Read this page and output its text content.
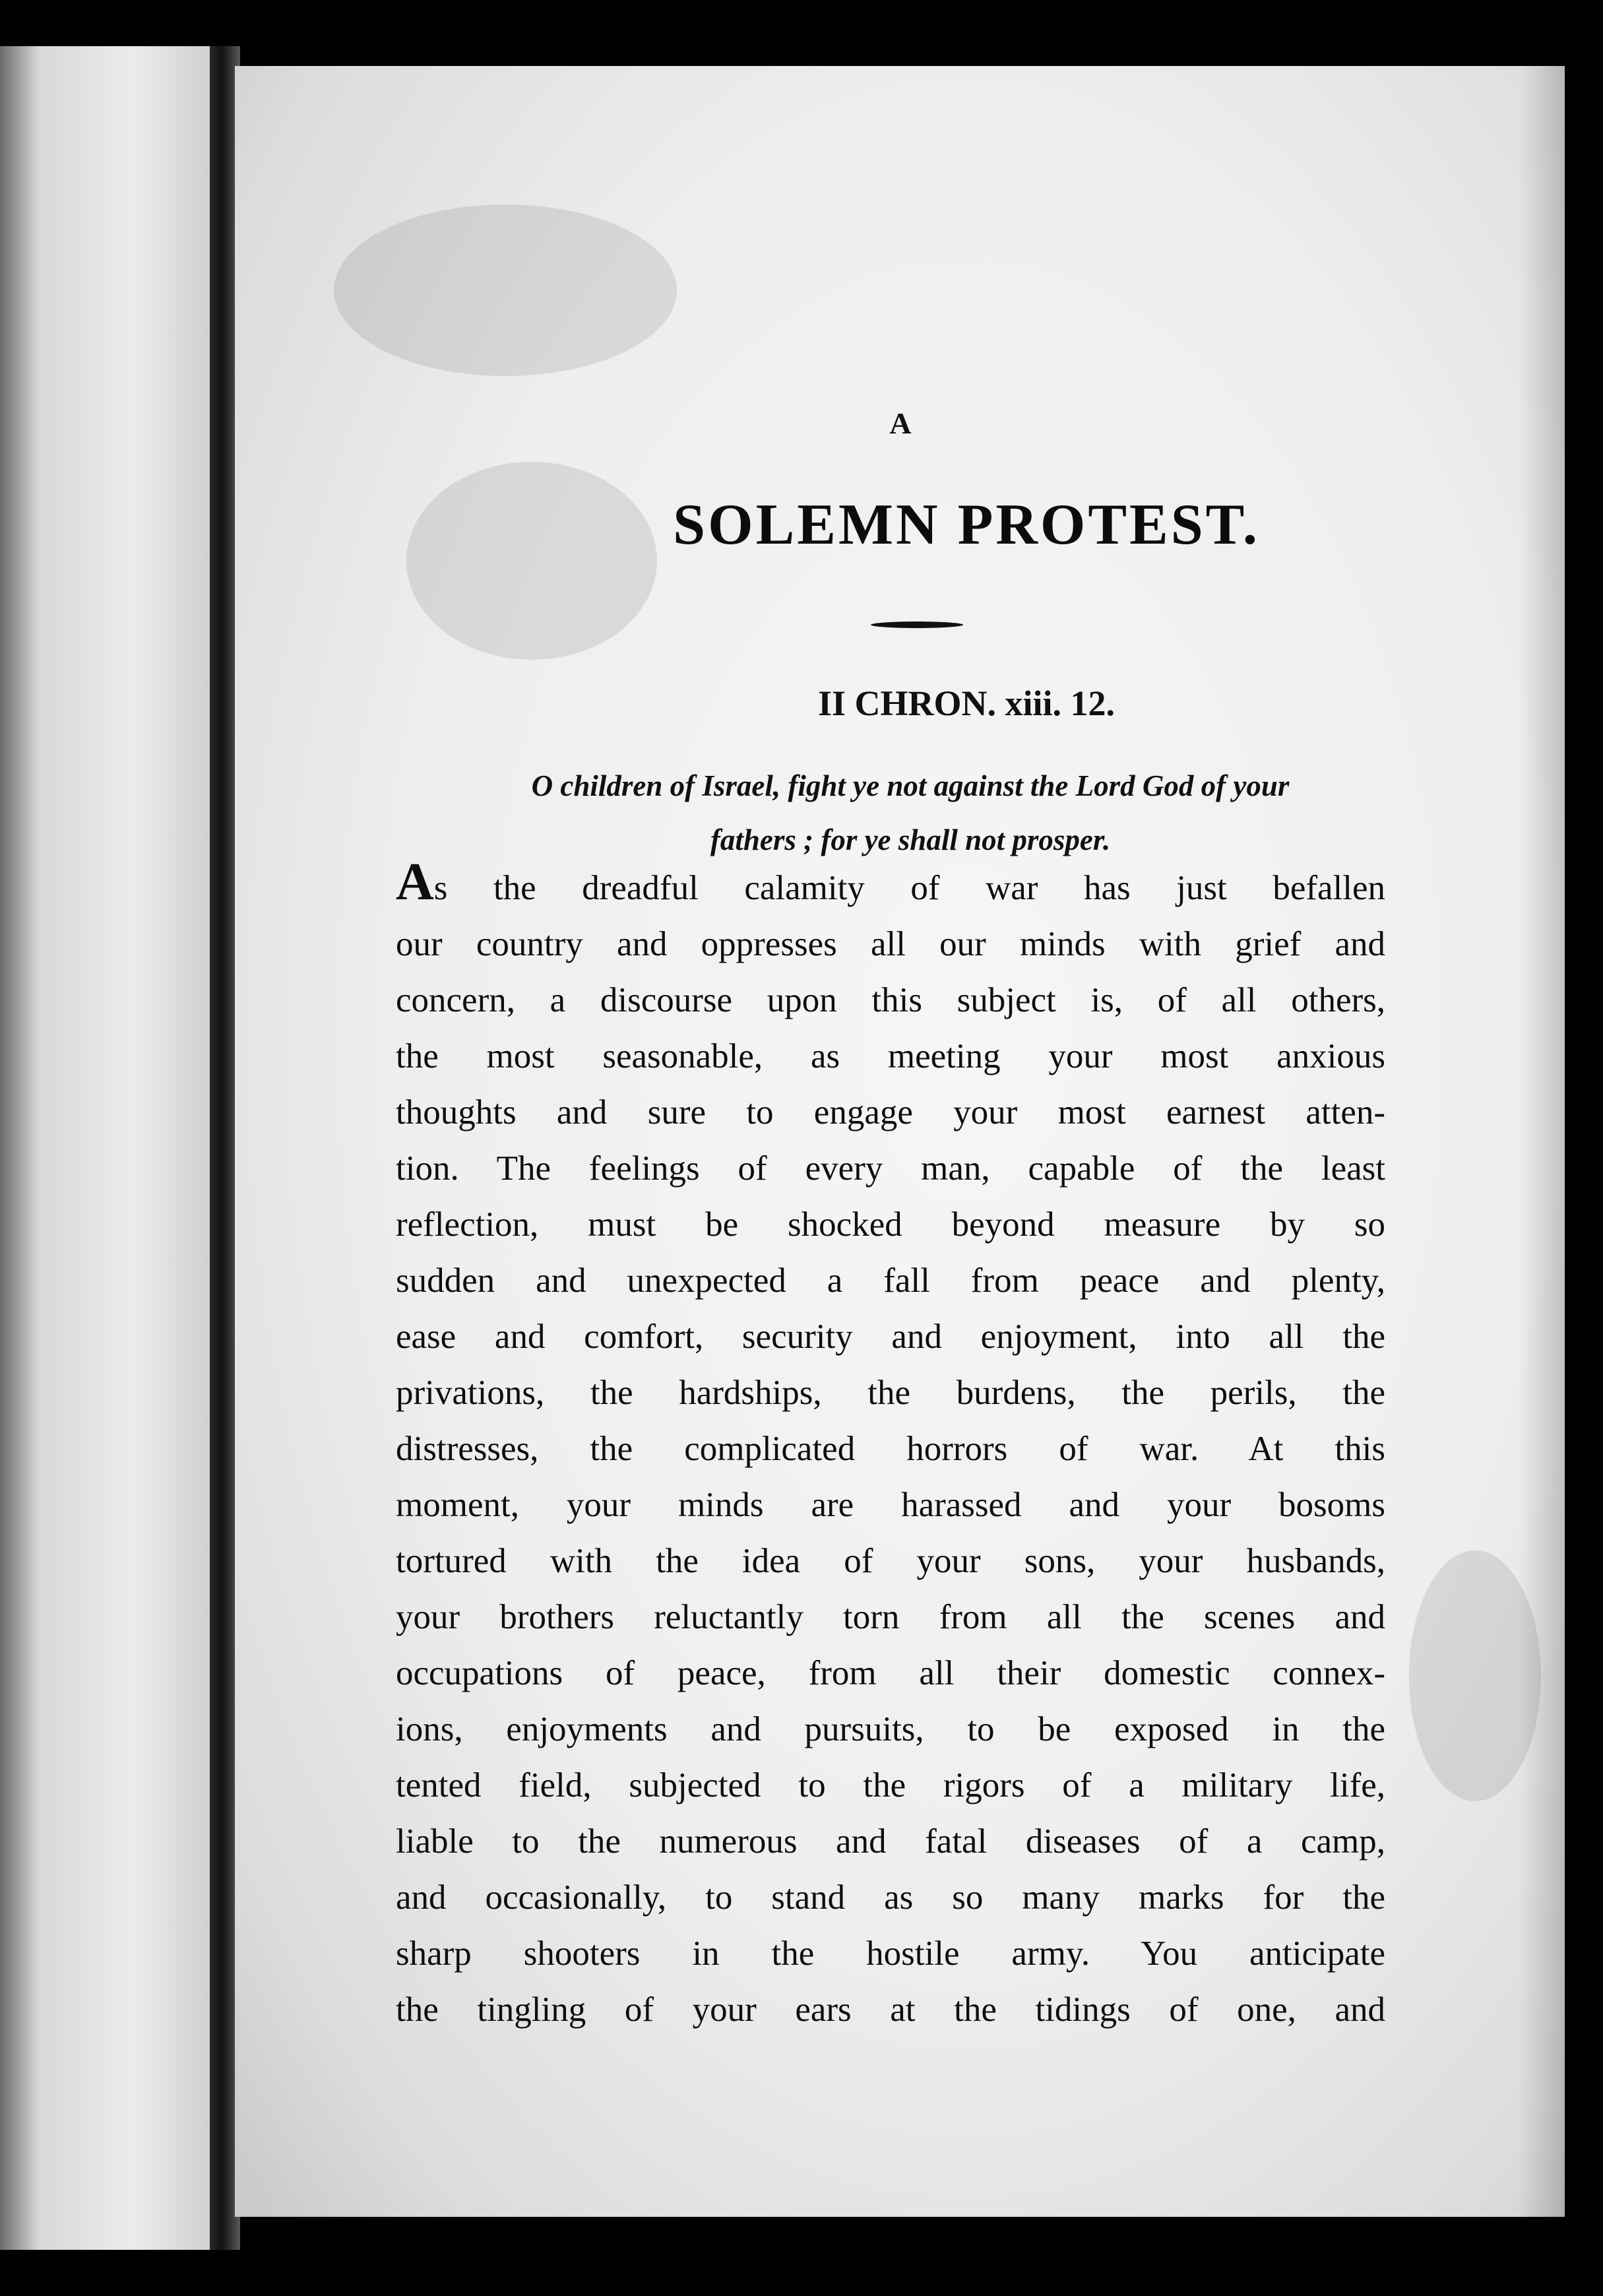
A
SOLEMN PROTEST.
II CHRON. xiii. 12.
O children of Israel, fight ye not against the Lord God of your
fathers ; for ye shall not prosper.
As the dreadful calamity of war has just befallen
our country and oppresses all our minds with grief and
concern, a discourse upon this subject is, of all others,
the most seasonable, as meeting your most anxious
thoughts and sure to engage your most earnest atten-
tion. The feelings of every man, capable of the least
reflection, must be shocked beyond measure by so
sudden and unexpected a fall from peace and plenty,
ease and comfort, security and enjoyment, into all the
privations, the hardships, the burdens, the perils, the
distresses, the complicated horrors of war. At this
moment, your minds are harassed and your bosoms
tortured with the idea of your sons, your husbands,
your brothers reluctantly torn from all the scenes and
occupations of peace, from all their domestic connex-
ions, enjoyments and pursuits, to be exposed in the
tented field, subjected to the rigors of a military life,
liable to the numerous and fatal diseases of a camp,
and occasionally, to stand as so many marks for the
sharp shooters in the hostile army. You anticipate
the tingling of your ears at the tidings of one, and
